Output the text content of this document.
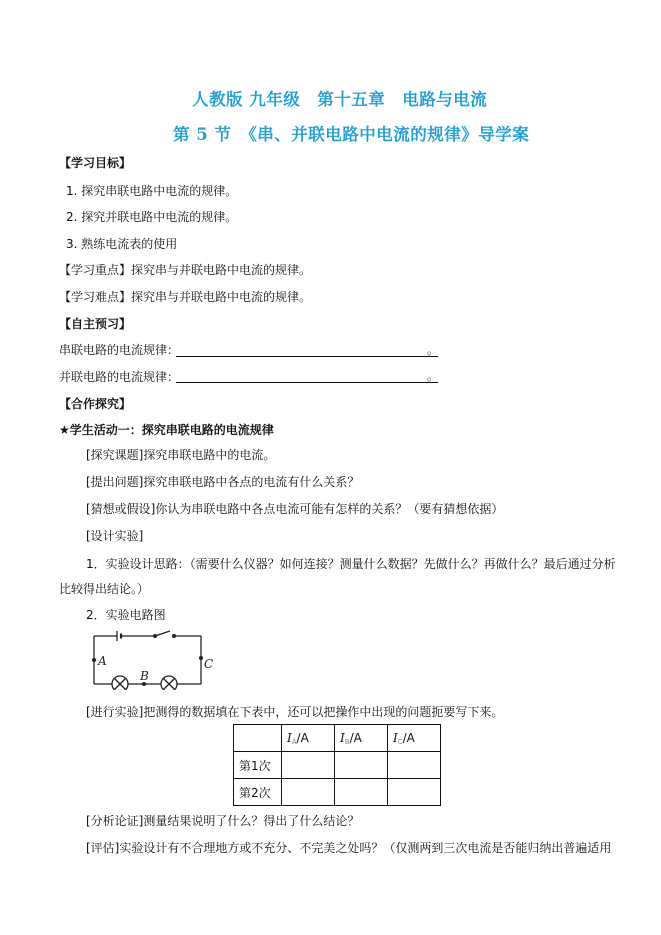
人教版 九年级　第十五章　电路与电流
第 5 节　《串、并联电路中电流的规律》导学案
【学习目标】
1. 探究串联电路中电流的规律。
2. 探究并联电路中电流的规律。
3. 熟练电流表的使用
【学习重点】探究串与并联电路中电流的规律。
【学习难点】探究串与并联电路中电流的规律。
【自主预习】
串联电路的电流规律：	。
并联电路的电流规律：	。
【合作探究】
★学生活动一：探究串联电路的电流规律
[探究课题]探究串联电路中的电流。
[提出问题]探究串联电路中各点的电流有什么关系？
[猜想或假设]你认为串联电路中各点电流可能有怎样的关系？（要有猜想依据）
[设计实验]
1．实验设计思路：（需要什么仪器？如何连接？测量什么数据？先做什么？再做什么？最后通过分析
比较得出结论。）
2．实验电路图
A
B
C
[进行实验]把测得的数据填在下表中，还可以把操作中出现的问题扼要写下来。
	$I_A/A$	$I_B/A$	$I_C/A$
第1次			
第2次			
[分析论证]测量结果说明了什么？得出了什么结论？
[评估]实验设计有不合理地方或不充分、不完美之处吗？（仅测两到三次电流是否能归纳出普遍适用
